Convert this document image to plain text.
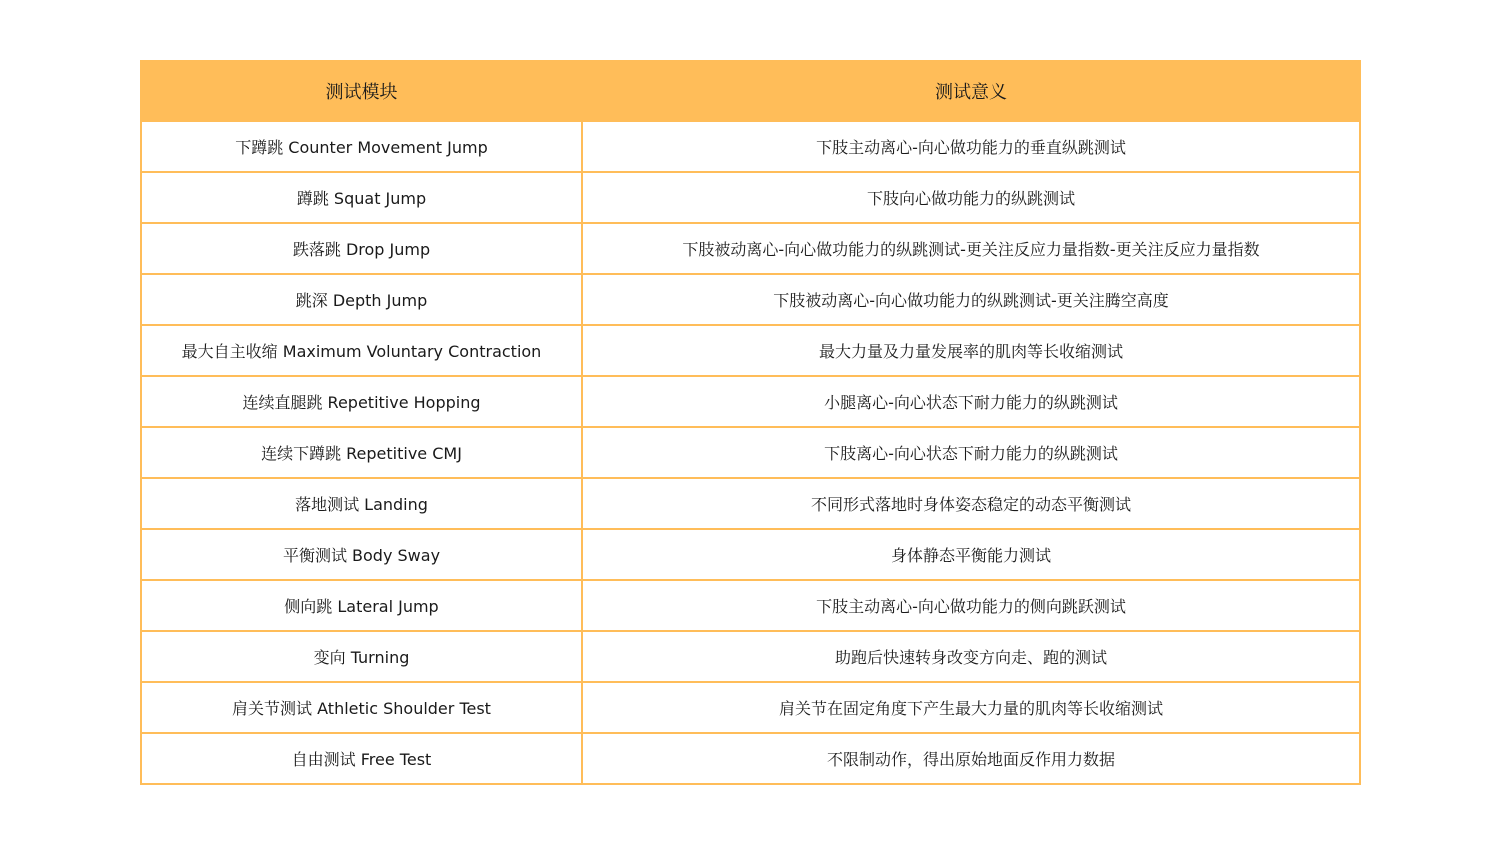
测试模块	测试意义
下蹲跳 Counter Movement Jump	下肢主动离心-向心做功能力的垂直纵跳测试
蹲跳 Squat Jump	下肢向心做功能力的纵跳测试
跌落跳 Drop Jump	下肢被动离心-向心做功能力的纵跳测试-更关注反应力量指数-更关注反应力量指数
跳深 Depth Jump	下肢被动离心-向心做功能力的纵跳测试-更关注腾空高度
最大自主收缩 Maximum Voluntary Contraction	最大力量及力量发展率的肌肉等长收缩测试
连续直腿跳 Repetitive Hopping	小腿离心-向心状态下耐力能力的纵跳测试
连续下蹲跳 Repetitive CMJ	下肢离心-向心状态下耐力能力的纵跳测试
落地测试 Landing	不同形式落地时身体姿态稳定的动态平衡测试
平衡测试 Body Sway	身体静态平衡能力测试
侧向跳 Lateral Jump	下肢主动离心-向心做功能力的侧向跳跃测试
变向 Turning	助跑后快速转身改变方向走、跑的测试
肩关节测试 Athletic Shoulder Test	肩关节在固定角度下产生最大力量的肌肉等长收缩测试
自由测试 Free Test	不限制动作，得出原始地面反作用力数据
